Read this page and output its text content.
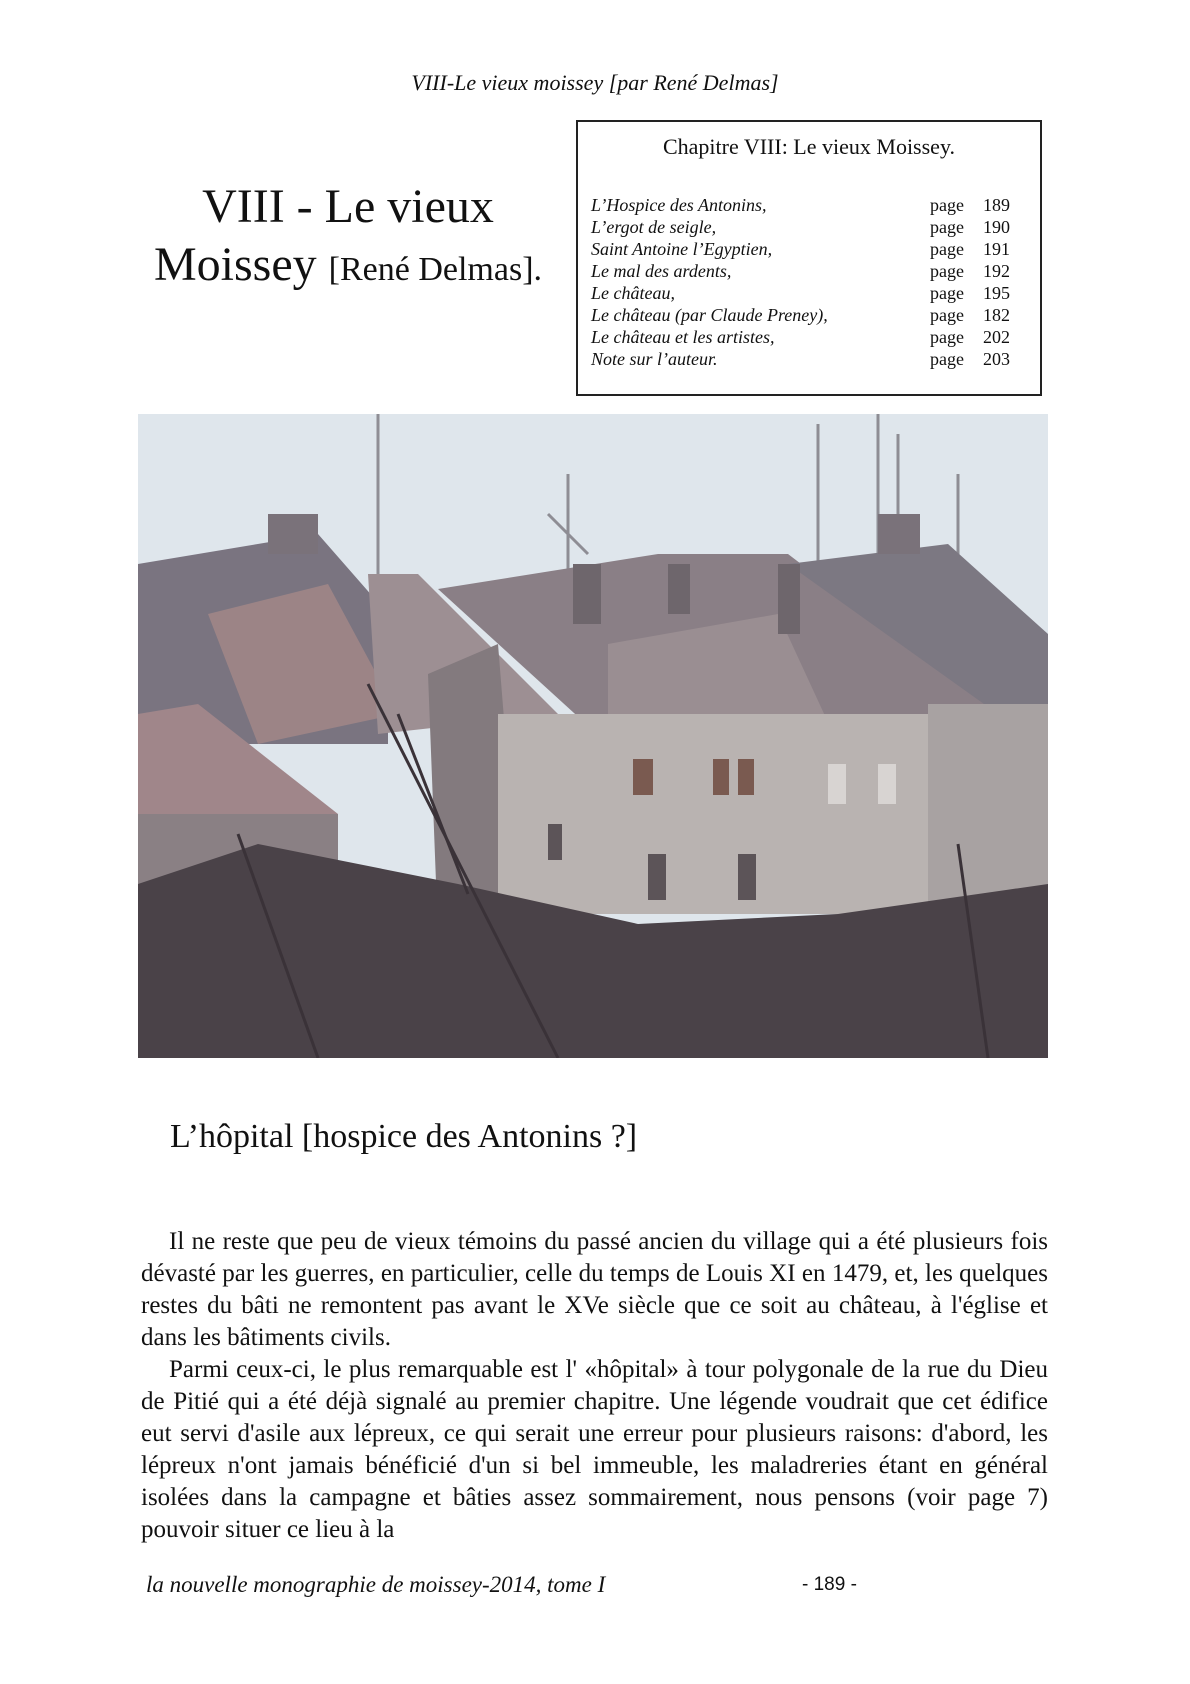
VIII-Le vieux moissey [par René Delmas]
VIII - Le vieux
Moissey [René Delmas].
Chapitre VIII: Le vieux Moissey.
L’Hospice des Antonins,	page 189
L’ergot de seigle,	page 190
Saint Antoine l’Egyptien,	page 191
Le mal des ardents,	page 192
Le château,	page 195
Le château (par Claude Preney),	page 182
Le château et les artistes,	page 202
Note sur l’auteur.	page 203
L’hôpital [hospice des Antonins ?]

Il ne reste que peu de vieux témoins du passé ancien du village qui a été plusieurs fois dévasté par les guerres, en particulier, celle du temps de Louis XI en 1479, et, les quelques restes du bâti ne remontent pas avant le XVe siècle que ce soit au château, à l'église et dans les bâtiments civils.

Parmi ceux-ci, le plus remarquable est l' «hôpital» à tour polygonale de la rue du Dieu de Pitié qui a été déjà signalé au premier chapitre. Une légende voudrait que cet édifice eut servi d'asile aux lépreux, ce qui serait une erreur pour plusieurs raisons: d'abord, les lépreux n'ont jamais bénéficié d'un si bel immeuble, les maladreries étant en général isolées dans la campagne et bâties assez sommairement, nous pensons (voir page 7) pouvoir situer ce lieu à la

la nouvelle monographie de moissey-2014, tome I	- 189 -
